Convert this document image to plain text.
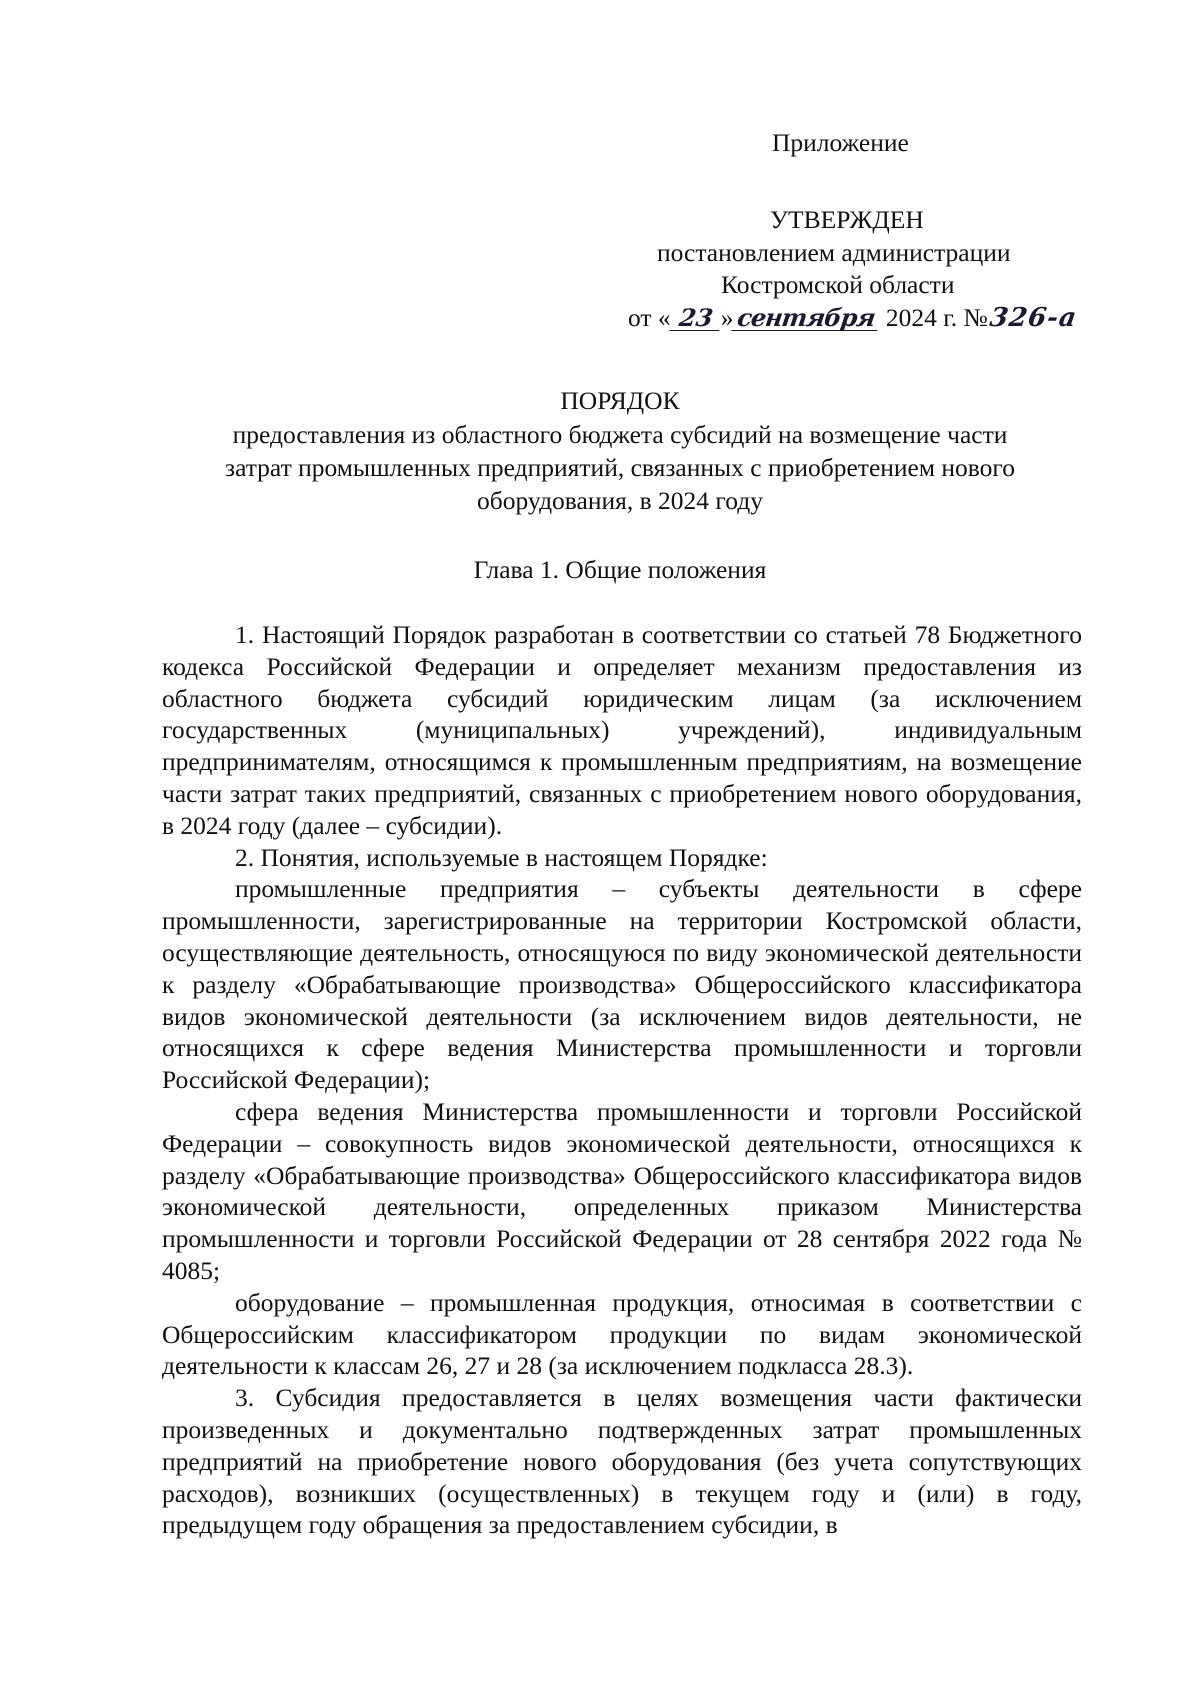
Приложение
УТВЕРЖДЕН
постановлением администрации
Костромской области
от « 23 » сентября 2024 г. №326-а
ПОРЯДОК
предоставления из областного бюджета субсидий на возмещение части
затрат промышленных предприятий, связанных с приобретением нового
оборудования, в 2024 году
Глава 1. Общие положения

1. Настоящий Порядок разработан в соответствии со статьей 78 Бюджетного кодекса Российской Федерации и определяет механизм предоставления из областного бюджета субсидий юридическим лицам (за исключением государственных (муниципальных) учреждений), индивидуальным предпринимателям, относящимся к промышленным предприятиям, на возмещение части затрат таких предприятий, связанных с приобретением нового оборудования, в 2024 году (далее – субсидии).

2. Понятия, используемые в настоящем Порядке:

промышленные предприятия – субъекты деятельности в сфере промышленности, зарегистрированные на территории Костромской области, осуществляющие деятельность, относящуюся по виду экономической деятельности к разделу «Обрабатывающие производства» Общероссийского классификатора видов экономической деятельности (за исключением видов деятельности, не относящихся к сфере ведения Министерства промышленности и торговли Российской Федерации);

сфера ведения Министерства промышленности и торговли Российской Федерации – совокупность видов экономической деятельности, относящихся к разделу «Обрабатывающие производства» Общероссийского классификатора видов экономической деятельности, определенных приказом Министерства промышленности и торговли Российской Федерации от 28 сентября 2022 года № 4085;

оборудование – промышленная продукция, относимая в соответствии с Общероссийским классификатором продукции по видам экономической деятельности к классам 26, 27 и 28 (за исключением подкласса 28.3).

3. Субсидия предоставляется в целях возмещения части фактически произведенных и документально подтвержденных затрат промышленных предприятий на приобретение нового оборудования (без учета сопутствующих расходов), возникших (осуществленных) в текущем году и (или) в году, предыдущем году обращения за предоставлением субсидии, в
